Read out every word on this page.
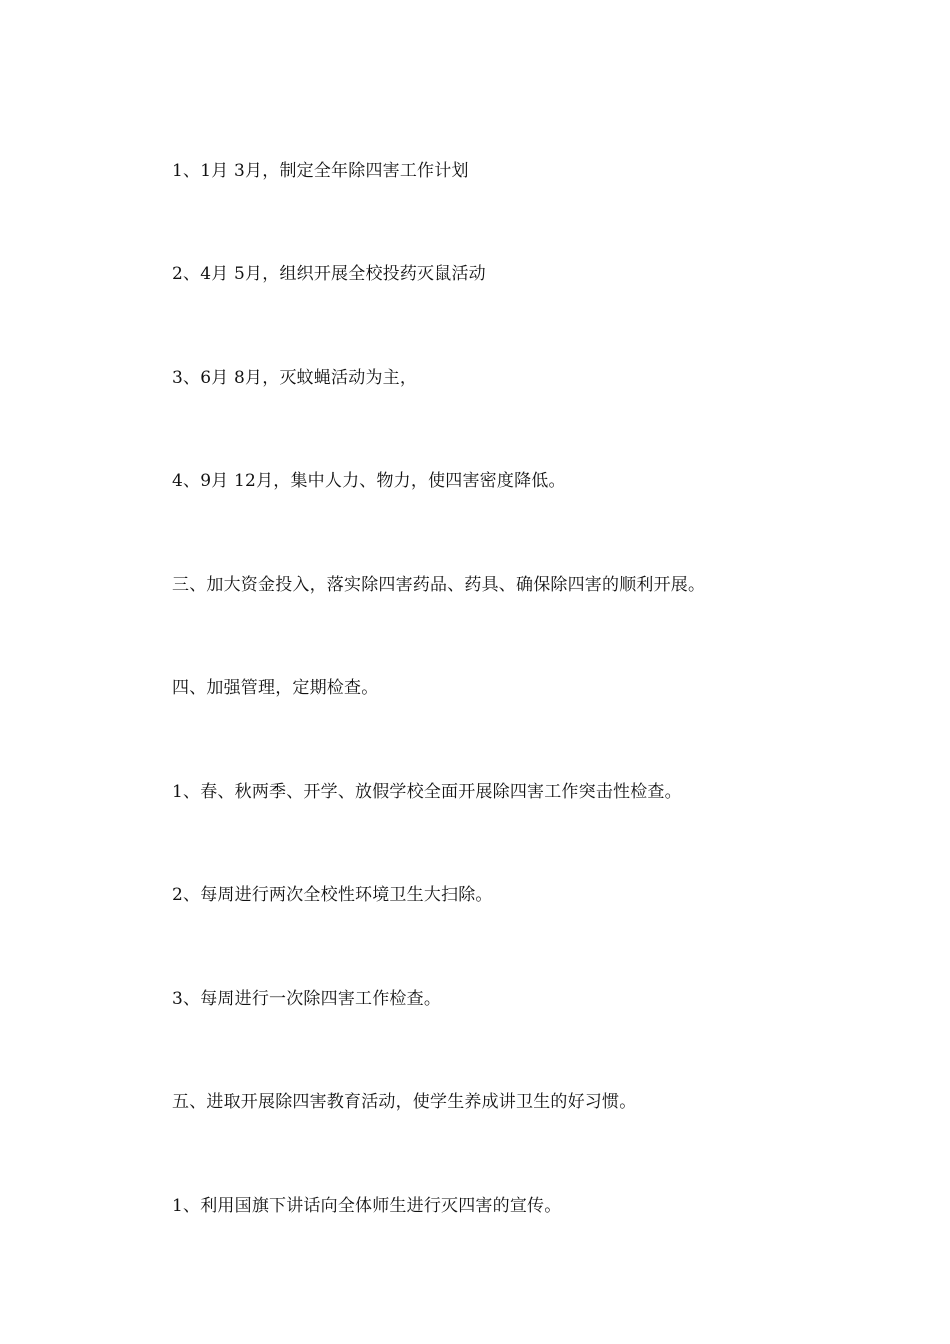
1、1月 3月，制定全年除四害工作计划

2、4月 5月，组织开展全校投药灭鼠活动

3、6月 8月，灭蚊蝇活动为主，

4、9月 12月，集中人力、物力，使四害密度降低。

三、加大资金投入，落实除四害药品、药具、确保除四害的顺利开展。

四、加强管理，定期检查。

1、春、秋两季、开学、放假学校全面开展除四害工作突击性检查。

2、每周进行两次全校性环境卫生大扫除。

3、每周进行一次除四害工作检查。

五、进取开展除四害教育活动，使学生养成讲卫生的好习惯。

1、利用国旗下讲话向全体师生进行灭四害的宣传。
